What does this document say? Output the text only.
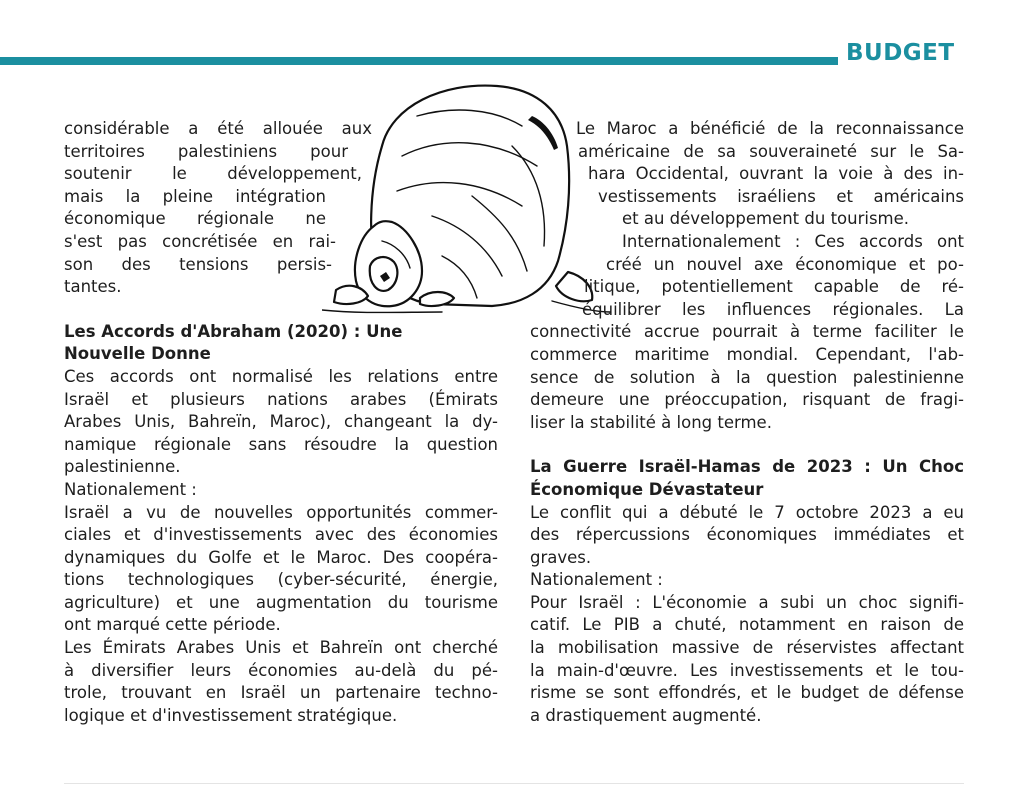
BUDGET

considérable a été allouée aux

territoires palestiniens pour

soutenir le développement,

mais la pleine intégration

économique régionale ne

s'est pas concrétisée en rai-

son des tensions persis-

tantes.

Les Accords d'Abraham (2020) : Une

Nouvelle Donne

Ces accords ont normalisé les relations entre

Israël et plusieurs nations arabes (Émirats

Arabes Unis, Bahreïn, Maroc), changeant la dy-

namique régionale sans résoudre la question

palestinienne.

Nationalement :

Israël a vu de nouvelles opportunités commer-

ciales et d'investissements avec des économies

dynamiques du Golfe et le Maroc. Des coopéra-

tions technologiques (cyber-sécurité, énergie,

agriculture) et une augmentation du tourisme

ont marqué cette période.

Les Émirats Arabes Unis et Bahreïn ont cherché

à diversifier leurs économies au-delà du pé-

trole, trouvant en Israël un partenaire techno-

logique et d'investissement stratégique.

Le Maroc a bénéficié de la reconnaissance

américaine de sa souveraineté sur le Sa-

hara Occidental, ouvrant la voie à des in-

vestissements israéliens et américains

et au développement du tourisme.

Internationalement : Ces accords ont

créé un nouvel axe économique et po-

litique, potentiellement capable de ré-

équilibrer les influences régionales. La

connectivité accrue pourrait à terme faciliter le

commerce maritime mondial. Cependant, l'ab-

sence de solution à la question palestinienne

demeure une préoccupation, risquant de fragi-

liser la stabilité à long terme.

La Guerre Israël-Hamas de 2023 : Un Choc

Économique Dévastateur

Le conflit qui a débuté le 7 octobre 2023 a eu

des répercussions économiques immédiates et

graves.

Nationalement :

Pour Israël : L'économie a subi un choc signifi-

catif. Le PIB a chuté, notamment en raison de

la mobilisation massive de réservistes affectant

la main-d'œuvre. Les investissements et le tou-

risme se sont effondrés, et le budget de défense

a drastiquement augmenté.
